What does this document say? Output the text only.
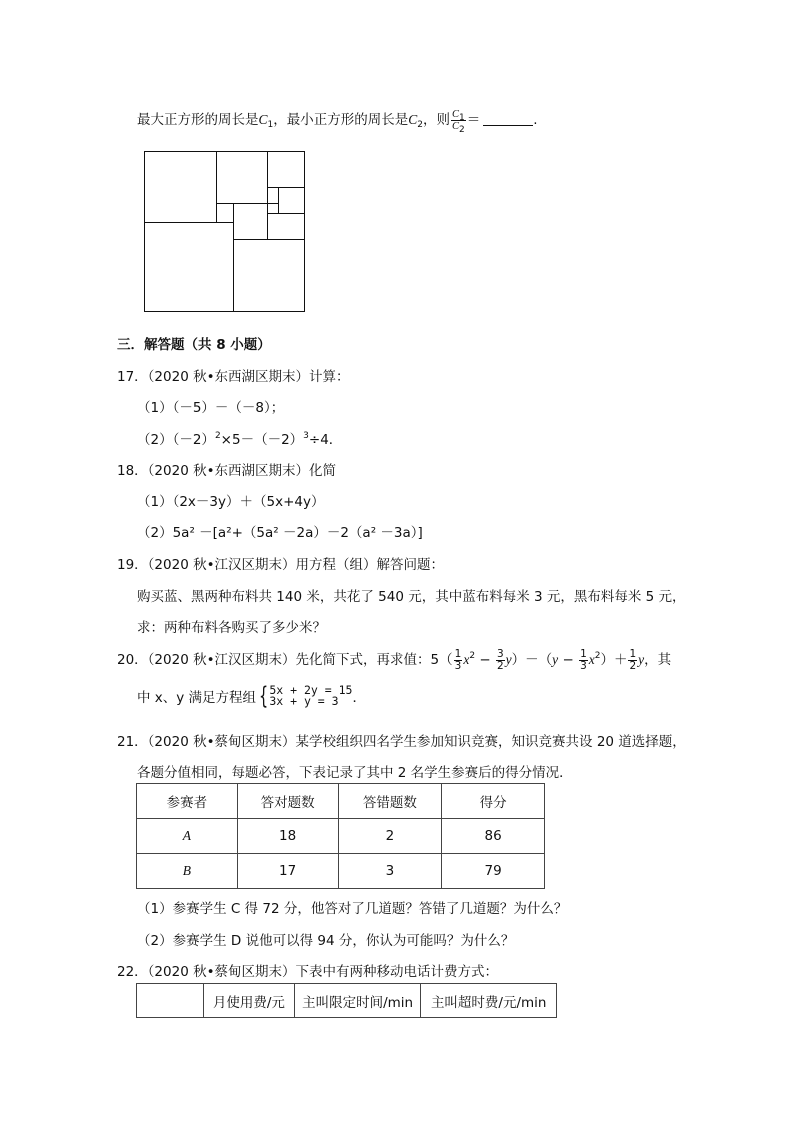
最大正方形的周长是$C_1$，最小正方形的周长是$C_2$，则 $\frac{C_1}{C_2}$ ＝	.
三．解答题（共 8 小题）
17．（2020 秋•东西湖区期末）计算：
（1）（－5）－（－8）；
$(2)(-2)^2\times 5-(-2)^3\div 4$．
18．（2020 秋•东西湖区期末）化简
（1）（2x－3y）＋（5x+4y）
（2）5a² －[a²+（5a² －2a）－2（a² －3a）]
19．（2020 秋•江汉区期末）用方程（组）解答问题：
购买蓝、黑两种布料共 140 米，共花了 540 元，其中蓝布料每米 3 元，黑布料每米 5 元，
求：两种布料各购买了多少米？
20．（2020 秋•江汉区期末）先化简下式，再求值：$5( \frac{1}{3} x^2 - \frac{3}{2} y)-(y - \frac{1}{3} x^2)+ \frac{1}{2}$ y，其
中 x、y 满足方程组 { 5x + 2y = 15
3x + y = 3	．
21．（2020 秋•蔡甸区期末）某学校组织四名学生参加知识竞赛，知识竞赛共设 20 道选择题，
各题分值相同，每题必答，下表记录了其中 2 名学生参赛后的得分情况．
参赛者	答对题数	答错题数	得分
A	18	2	86
B	17	3	79
（1）参赛学生 C 得 72 分，他答对了几道题？答错了几道题？为什么？
（2）参赛学生 D 说他可以得 94 分，你认为可能吗？为什么？
22．（2020 秋•蔡甸区期末）下表中有两种移动电话计费方式：
	月使用费/元	主叫限定时间/min	主叫超时费/元/min
